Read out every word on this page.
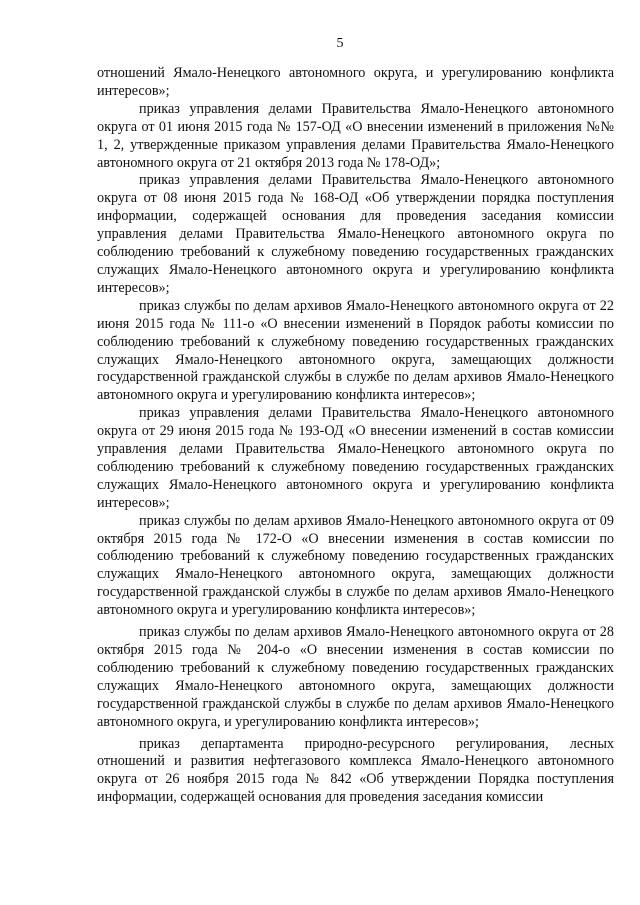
5

отношений Ямало-Ненецкого автономного округа, и урегулированию конфликта интересов»;

приказ управления делами Правительства Ямало-Ненецкого автономного округа от 01 июня 2015 года № 157-ОД «О внесении изменений в приложения №№ 1, 2, утвержденные приказом управления делами Правительства Ямало-Ненецкого автономного округа от 21 октября 2013 года № 178-ОД»;

приказ управления делами Правительства Ямало-Ненецкого автономного округа от 08 июня 2015 года № 168-ОД «Об утверждении порядка поступления информации, содержащей основания для проведения заседания комиссии управления делами Правительства Ямало-Ненецкого автономного округа по соблюдению требований к служебному поведению государственных гражданских служащих Ямало-Ненецкого автономного округа и урегулированию конфликта интересов»;

приказ службы по делам архивов Ямало-Ненецкого автономного округа от 22 июня 2015 года № 111-о «О внесении изменений в Порядок работы комиссии по соблюдению требований к служебному поведению государственных гражданских служащих Ямало-Ненецкого автономного округа, замещающих должности государственной гражданской службы в службе по делам архивов Ямало-Ненецкого автономного округа и урегулированию конфликта интересов»;

приказ управления делами Правительства Ямало-Ненецкого автономного округа от 29 июня 2015 года № 193-ОД «О внесении изменений в состав комиссии управления делами Правительства Ямало-Ненецкого автономного округа по соблюдению требований к служебному поведению государственных гражданских служащих Ямало-Ненецкого автономного округа и урегулированию конфликта интересов»;

приказ службы по делам архивов Ямало-Ненецкого автономного округа от 09 октября 2015 года № 172-О «О внесении изменения в состав комиссии по соблюдению требований к служебному поведению государственных гражданских служащих Ямало-Ненецкого автономного округа, замещающих должности государственной гражданской службы в службе по делам архивов Ямало-Ненецкого автономного округа и урегулированию конфликта интересов»;

приказ службы по делам архивов Ямало-Ненецкого автономного округа от 28 октября 2015 года № 204-о «О внесении изменения в состав комиссии по соблюдению требований к служебному поведению государственных гражданских служащих Ямало-Ненецкого автономного округа, замещающих должности государственной гражданской службы в службе по делам архивов Ямало-Ненецкого автономного округа, и урегулированию конфликта интересов»;

приказ департамента природно-ресурсного регулирования, лесных отношений и развития нефтегазового комплекса Ямало-Ненецкого автономного округа от 26 ноября 2015 года № 842 «Об утверждении Порядка поступления информации, содержащей основания для проведения заседания комиссии
